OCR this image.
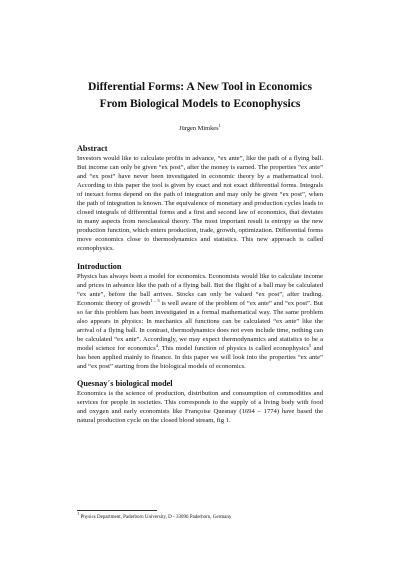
Differential Forms: A New Tool in Economics
From Biological Models to Econophysics

Jürgen Mimkes$^1$
Abstract

Investors would like to calculate profits in advance, “ex ante”, like the path of a flying ball. But income can only be given “ex post”, after the money is earned. The properties “ex ante” and “ex post” have never been investigated in economic theory by a mathematical tool. According to this paper the tool is given by exact and not exact differential forms. Integrals of inexact forms depend on the path of integration and may only be given “ex post”, when the path of integration is known. The equivalence of monetary and production cycles leads to closed integrals of differential forms and a first and second law of economics, that deviates in many aspects from neoclassical theory. The most important result is entropy as the new production function, which enters production, trade, growth, optimization. Differential forms move economics close to thermodynamics and statistics. This new approach is called econophysics.

Introduction

Physics has always been a model for economics. Economists would like to calculate income and prices in advance like the path of a flying ball. But the flight of a ball may be calculated “ex ante”, before the ball arrives. Stocks can only be valued “ex post”, after trading. Economic theory of growth$^{1 - 3}$ is well aware of the problem of “ex ante” and “ex post”. But so far this problem has been investigated in a formal mathematical way. The same problem also appears in physics: In mechanics all functions can be calculated “ex ante” like the arrival of a flying ball. In contrast, thermodynamics does not even include time, nothing can be calculated “ex ante”. Accordingly, we may expect thermodynamics and statistics to be a model science for economics$^4$. This model function of physics is called econophysics$^5$ and has been applied mainly to finance. In this paper we will look into the properties “ex ante” and “ex post” starting from the biological models of economics.

Quesnay´s biological model

Economics is the science of production, distribution and consumption of commodities and services for people in societies. This corresponds to the supply of a living body with food and oxygen and early economists like Françoise Quesnay (1694 – 1774) have based the natural production cycle on the closed blood stream, fig 1.

$^1$ Physics Department, Paderborn University, D - 33096 Paderborn, Germany
